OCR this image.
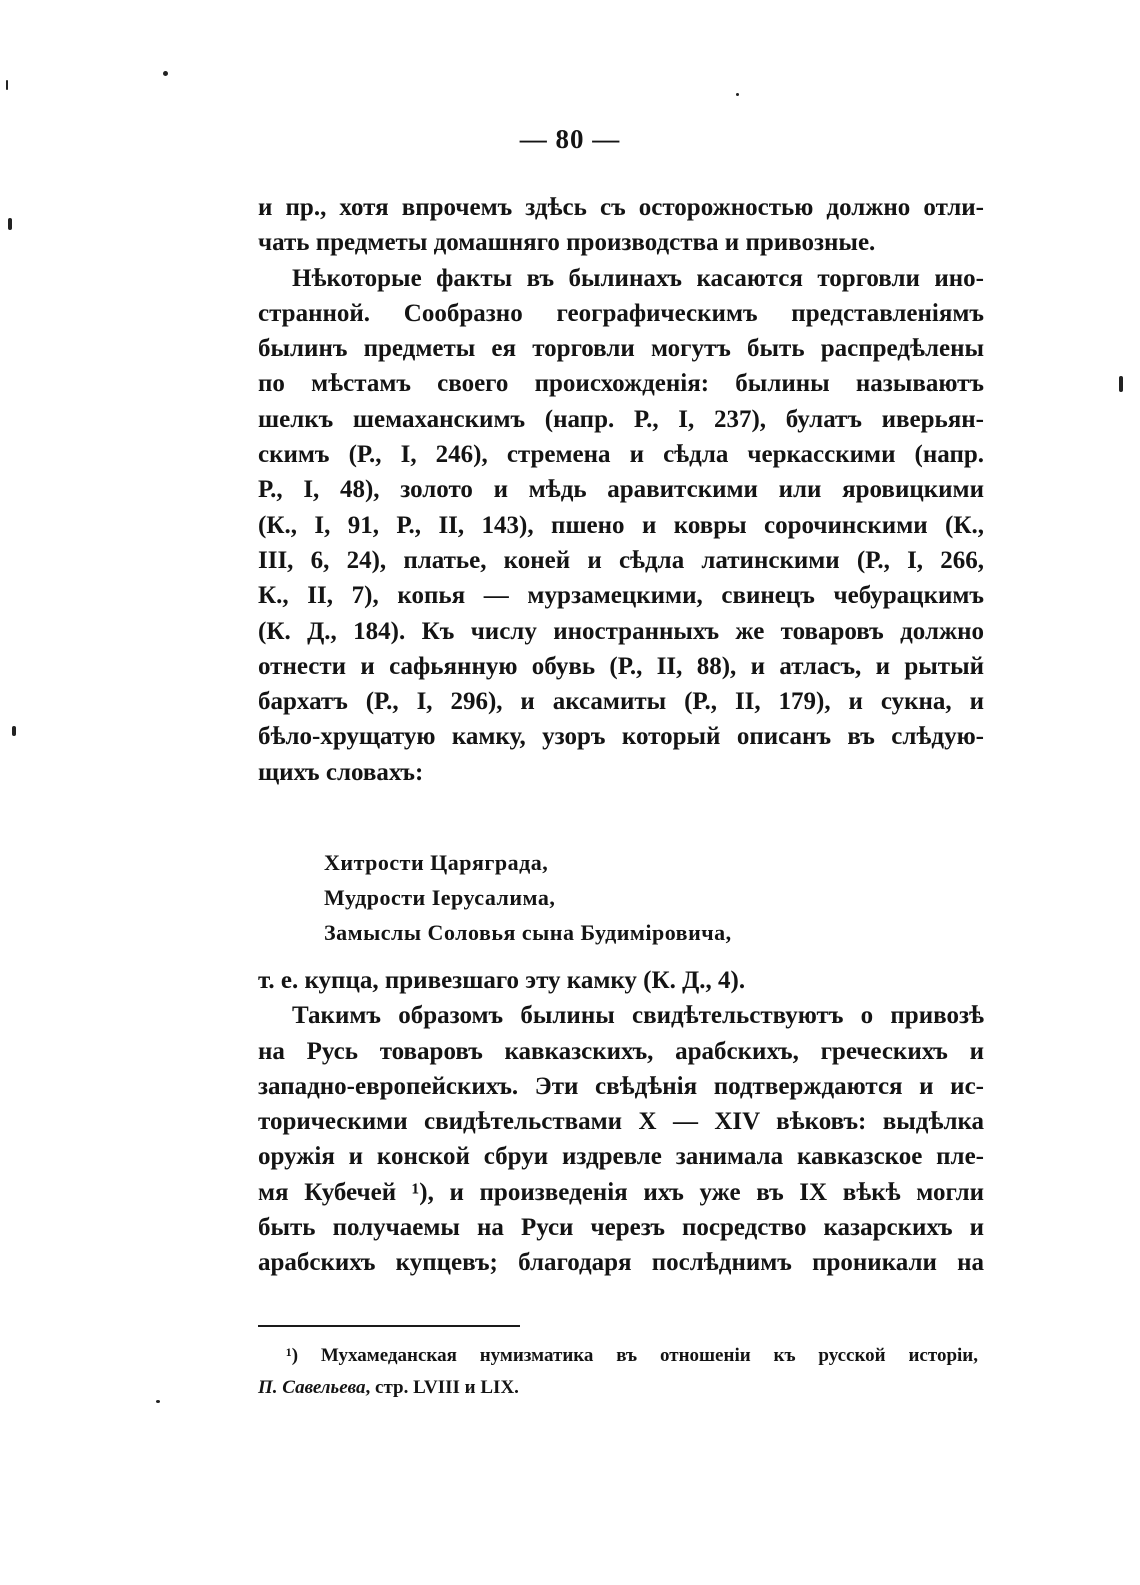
— 80 —
и пр., хотя впрочемъ здѣсь съ осторожностью должно отли-
чать предметы домашняго производства и привозные.
Нѣкоторые факты въ былинахъ касаются торговли ино-
странной. Сообразно географическимъ представленіямъ
былинъ предметы ея торговли могутъ быть распредѣлены
по мѣстамъ своего происхожденія: былины называютъ
шелкъ шемаханскимъ (напр. Р., I, 237), булатъ иверьян-
скимъ (Р., I, 246), стремена и сѣдла черкасскими (напр.
Р., I, 48), золото и мѣдь аравитскими или яровицкими
(К., I, 91, Р., II, 143), пшено и ковры сорочинскими (К.,
III, 6, 24), платье, коней и сѣдла латинскими (Р., I, 266,
К., II, 7), копья — мурзамецкими, свинецъ чебурацкимъ
(К. Д., 184). Къ числу иностранныхъ же товаровъ должно
отнести и сафьянную обувь (Р., II, 88), и атласъ, и рытый
бархатъ (Р., I, 296), и аксамиты (Р., II, 179), и сукна, и
бѣло-хрущатую камку, узоръ который описанъ въ слѣдую-
щихъ словахъ:
Хитрости Царяграда,
Мудрости Іерусалима,
Замыслы Соловья сына Будиміровича,
т. е. купца, привезшаго эту камку (К. Д., 4).
Такимъ образомъ былины свидѣтельствуютъ о привозѣ
на Русь товаровъ кавказскихъ, арабскихъ, греческихъ и
западно-европейскихъ. Эти свѣдѣнія подтверждаются и ис-
торическими свидѣтельствами X — XIV вѣковъ: выдѣлка
оружія и конской сбруи издревле занимала кавказское пле-
мя Кубечей ¹), и произведенія ихъ уже въ IX вѣкѣ могли
быть получаемы на Руси черезъ посредство казарскихъ и
арабскихъ купцевъ; благодаря послѣднимъ проникали на
¹) Мухамеданская нумизматика въ отношеніи къ русской исторіи,
П. Савельева, стр. LVIII и LIX.
